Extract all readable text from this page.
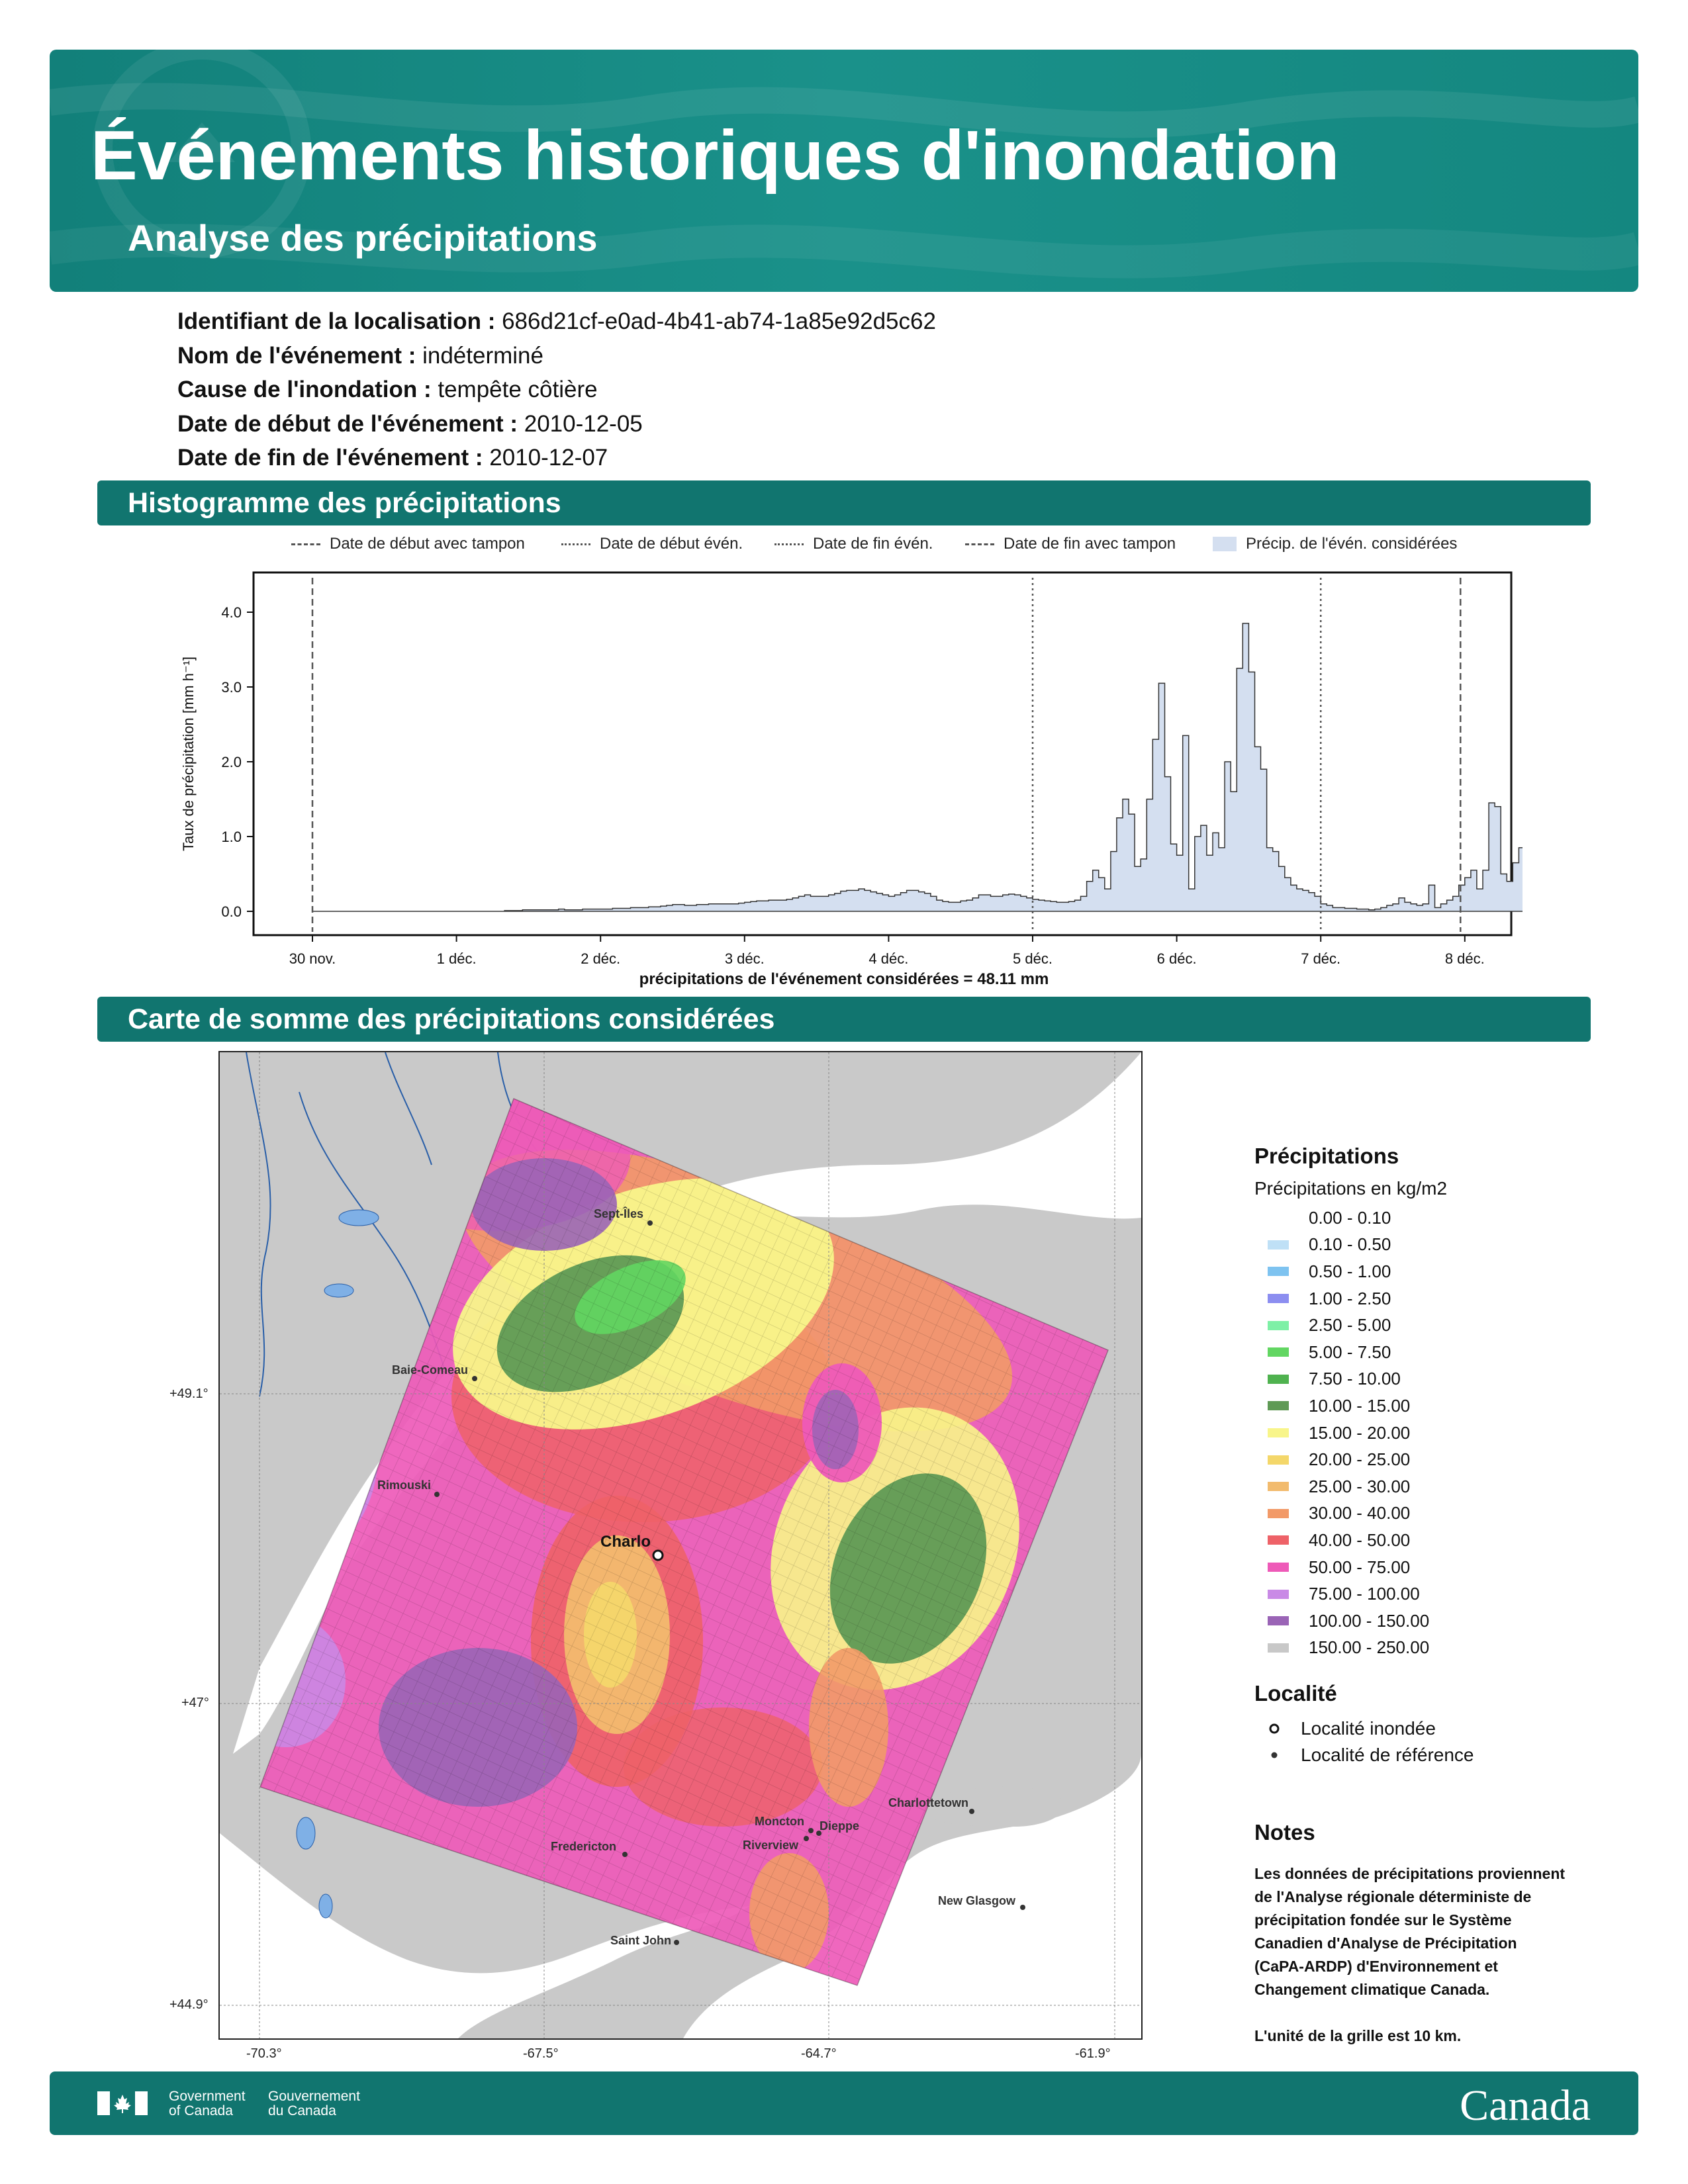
Événements historiques d'inondation
Analyse des précipitations
Identifiant de la localisation : 686d21cf-e0ad-4b41-ab74-1a85e92d5c62
Nom de l'événement : indéterminé
Cause de l'inondation : tempête côtière
Date de début de l'événement : 2010-12-05
Date de fin de l'événement : 2010-12-07
Histogramme des précipitations
Date de début avec tampon	Date de début évén.	Date de fin évén.	Date de fin avec tampon	Précip. de l'évén. considérées
0.0
1.0
2.0
3.0
4.0
30 nov.	1 déc.	2 déc.	3 déc.	4 déc.	5 déc.	6 déc.	7 déc.	8 déc.
Taux de précipitation [mm h⁻¹]
précipitations de l'événement considérées = 48.11 mm
Carte de somme des précipitations considérées
Sept-Îles
Baie-Comeau
Rimouski
Charlo
Charlottetown
Moncton Dieppe
Riverview
Fredericton
New Glasgow
Saint John
+49.1°
+47°
+44.9°
-70.3°	-67.5°	-64.7°	-61.9°
Précipitations
Précipitations en kg/m2
0.00 - 0.10
0.10 - 0.50
0.50 - 1.00
1.00 - 2.50
2.50 - 5.00
5.00 - 7.50
7.50 - 10.00
10.00 - 15.00
15.00 - 20.00
20.00 - 25.00
25.00 - 30.00
30.00 - 40.00
40.00 - 50.00
50.00 - 75.00
75.00 - 100.00
100.00 - 150.00
150.00 - 250.00
Localité
Localité inondée
Localité de référence
Notes
Les données de précipitations proviennent
de l'Analyse régionale déterministe de
précipitation fondée sur le Système
Canadien d'Analyse de Précipitation
(CaPA-ARDP) d'Environnement et
Changement climatique Canada.
L'unité de la grille est 10 km.
Government
of Canada
Gouvernement
du Canada	Canada
